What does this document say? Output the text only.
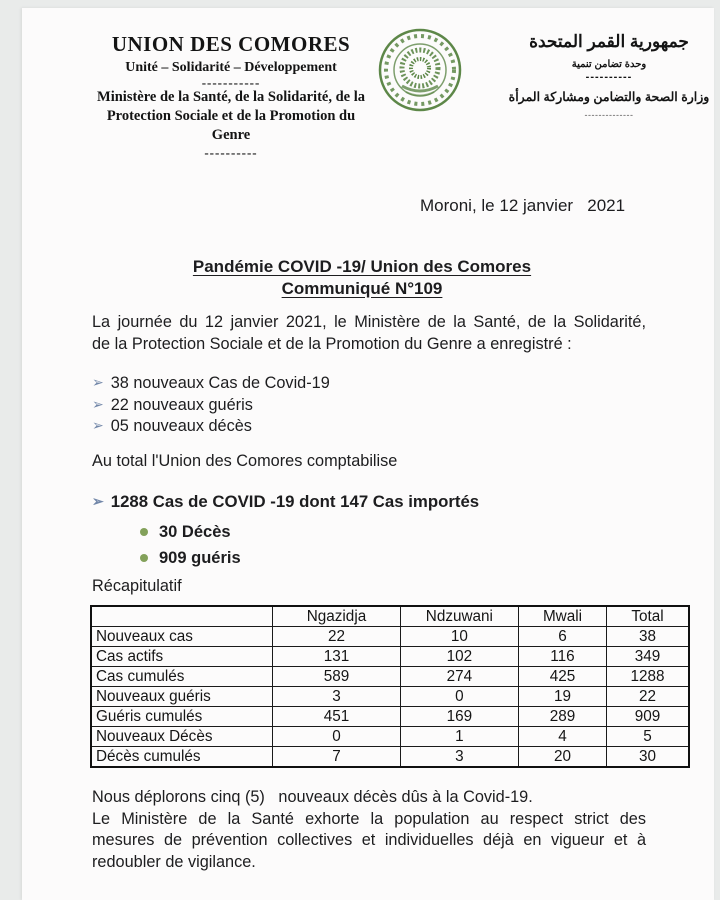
UNION DES COMORES
Unité – Solidarité – Développement
-----------
Ministère de la Santé, de la Solidarité, de la
Protection Sociale et de la Promotion du Genre
----------
جمهورية القمر المتحدة
وحدة تضامن تنمية
----------
وزارة الصحة والتضامن ومشاركة المرأة
--------------
Moroni, le 12 janvier   2021
Pandémie COVID -19/ Union des Comores
Communiqué N°109
La journée du 12 janvier 2021, le Ministère de la Santé, de la Solidarité,
de la Protection Sociale et de la Promotion du Genre a enregistré :
➢ 38 nouveaux Cas de Covid-19
➢ 22 nouveaux guéris
➢ 05 nouveaux décès
Au total l'Union des Comores comptabilise
➢ 1288 Cas de COVID -19 dont 147 Cas importés
30 Décès
909 guéris
Récapitulatif
	Ngazidja	Ndzuwani	Mwali	Total
Nouveaux cas	22	10	6	38
Cas actifs	131	102	116	349
Cas cumulés	589	274	425	1288
Nouveaux guéris	3	0	19	22
Guéris cumulés	451	169	289	909
Nouveaux Décès	0	1	4	5
Décès cumulés	7	3	20	30
Nous déplorons cinq (5)   nouveaux décès dûs à la Covid-19.
Le Ministère de la Santé exhorte la population au respect strict des
mesures de prévention collectives et individuelles déjà en vigueur et à
redoubler de vigilance.
